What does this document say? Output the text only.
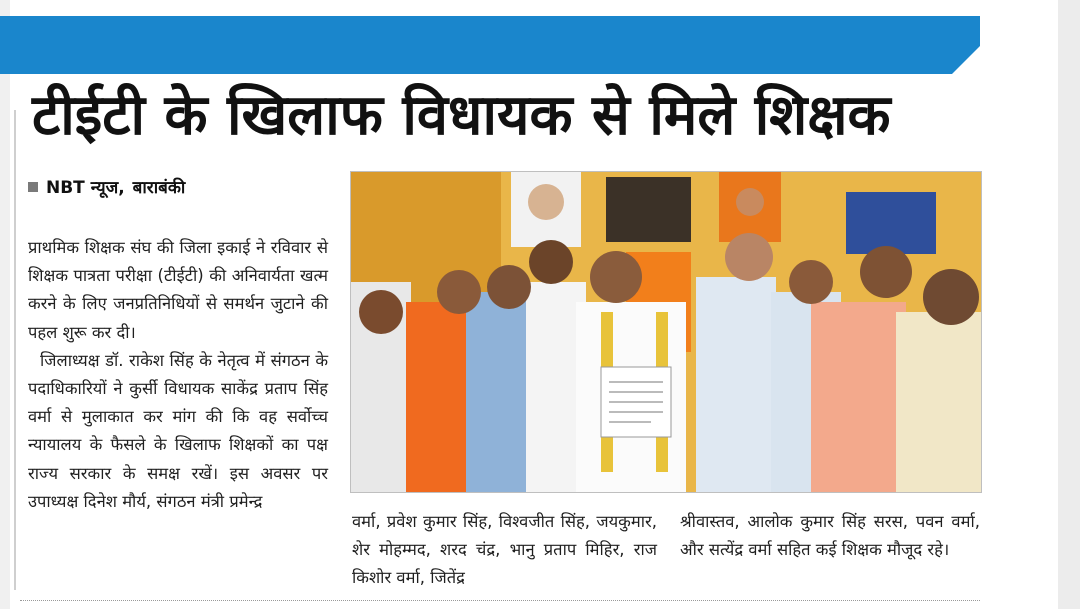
टीईटी के खिलाफ विधायक से मिले शिक्षक
NBT न्यूज, बाराबंकी

प्राथमिक शिक्षक संघ की जिला इकाई ने रविवार से शिक्षक पात्रता परीक्षा (टीईटी) की अनिवार्यता खत्म करने के लिए जनप्रतिनिधियों से समर्थन जुटाने की पहल शुरू कर दी।

जिलाध्यक्ष डॉ. राकेश सिंह के नेतृत्व में संगठन के पदाधिकारियों ने कुर्सी विधायक साकेंद्र प्रताप सिंह वर्मा से मुलाकात कर मांग की कि वह सर्वोच्च न्यायालय के फैसले के खिलाफ शिक्षकों का पक्ष राज्य सरकार के समक्ष रखें। इस अवसर पर उपाध्यक्ष दिनेश मौर्य, संगठन मंत्री प्रमेन्द्र

वर्मा, प्रवेश कुमार सिंह, विश्वजीत सिंह, जयकुमार, शेर मोहम्मद, शरद चंद्र, भानु प्रताप मिहिर, राज किशोर वर्मा, जितेंद्र

श्रीवास्तव, आलोक कुमार सिंह सरस, पवन वर्मा, और सत्येंद्र वर्मा सहित कई शिक्षक मौजूद रहे।
